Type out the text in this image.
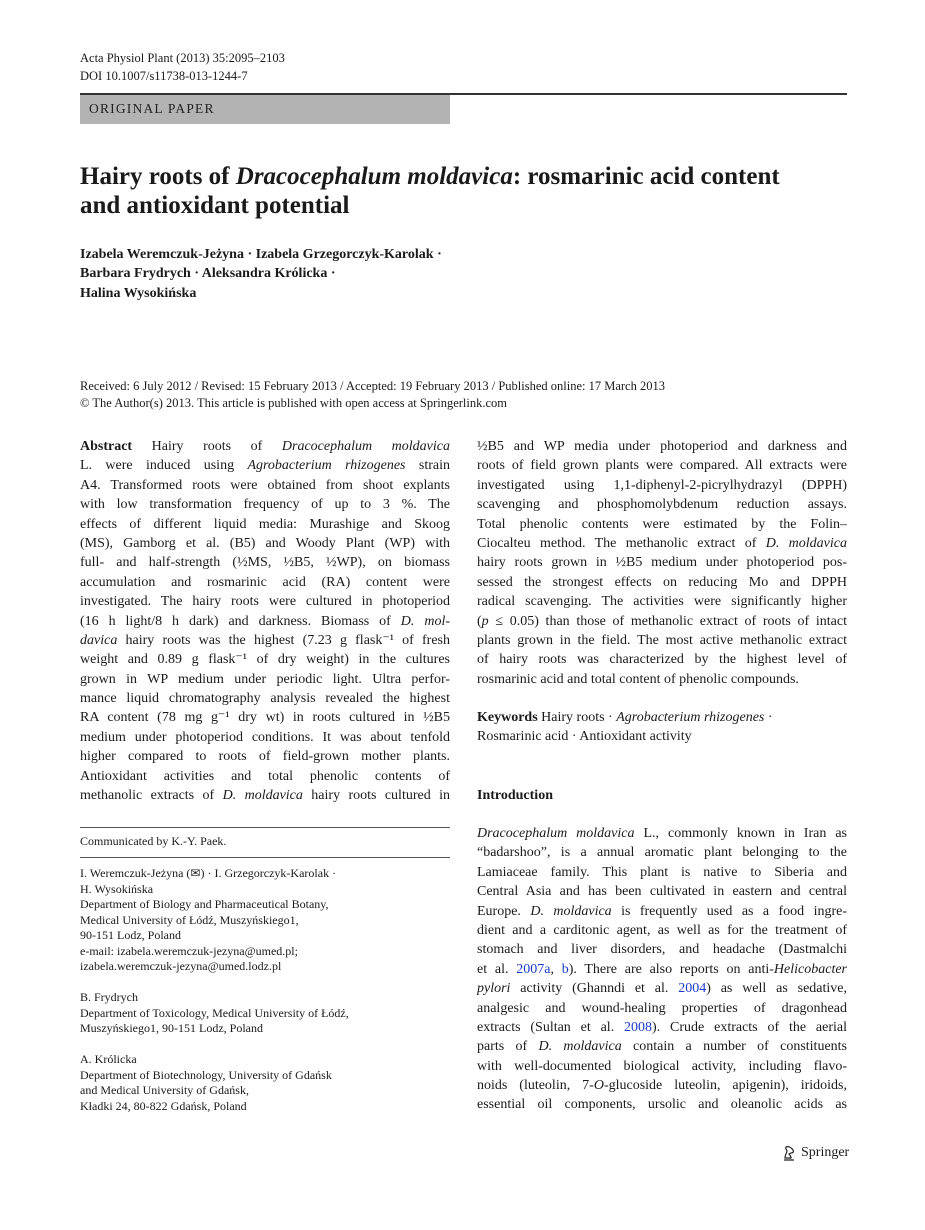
Acta Physiol Plant (2013) 35:2095–2103
DOI 10.1007/s11738-013-1244-7
ORIGINAL PAPER
Hairy roots of Dracocephalum moldavica: rosmarinic acid content
and antioxidant potential
Izabela Weremczuk-Jeżyna · Izabela Grzegorczyk-Karolak ·
Barbara Frydrych · Aleksandra Królicka ·
Halina Wysokińska
Received: 6 July 2012 / Revised: 15 February 2013 / Accepted: 19 February 2013 / Published online: 17 March 2013
© The Author(s) 2013. This article is published with open access at Springerlink.com
Abstract Hairy roots of Dracocephalum moldavica
L. were induced using Agrobacterium rhizogenes strain
A4. Transformed roots were obtained from shoot explants
with low transformation frequency of up to 3 %. The
effects of different liquid media: Murashige and Skoog
(MS), Gamborg et al. (B5) and Woody Plant (WP) with
full- and half-strength (½MS, ½B5, ½WP), on biomass
accumulation and rosmarinic acid (RA) content were
investigated. The hairy roots were cultured in photoperiod
(16 h light/8 h dark) and darkness. Biomass of D. mol-
davica hairy roots was the highest (7.23 g flask⁻¹ of fresh
weight and 0.89 g flask⁻¹ of dry weight) in the cultures
grown in WP medium under periodic light. Ultra perfor-
mance liquid chromatography analysis revealed the highest
RA content (78 mg g⁻¹ dry wt) in roots cultured in ½B5
medium under photoperiod conditions. It was about tenfold
higher compared to roots of field-grown mother plants.
Antioxidant activities and total phenolic contents of
methanolic extracts of D. moldavica hairy roots cultured in
½B5 and WP media under photoperiod and darkness and
roots of field grown plants were compared. All extracts were
investigated using 1,1-diphenyl-2-picrylhydrazyl (DPPH)
scavenging and phosphomolybdenum reduction assays.
Total phenolic contents were estimated by the Folin–
Ciocalteu method. The methanolic extract of D. moldavica
hairy roots grown in ½B5 medium under photoperiod pos-
sessed the strongest effects on reducing Mo and DPPH
radical scavenging. The activities were significantly higher
(p ≤ 0.05) than those of methanolic extract of roots of intact
plants grown in the field. The most active methanolic extract
of hairy roots was characterized by the highest level of
rosmarinic acid and total content of phenolic compounds.
Keywords Hairy roots · Agrobacterium rhizogenes ·
Rosmarinic acid · Antioxidant activity
Introduction
Dracocephalum moldavica L., commonly known in Iran as
“badarshoo”, is a annual aromatic plant belonging to the
Lamiaceae family. This plant is native to Siberia and
Central Asia and has been cultivated in eastern and central
Europe. D. moldavica is frequently used as a food ingre-
dient and a carditonic agent, as well as for the treatment of
stomach and liver disorders, and headache (Dastmalchi
et al. 2007a, b). There are also reports on anti-Helicobacter
pylori activity (Ghanndi et al. 2004) as well as sedative,
analgesic and wound-healing properties of dragonhead
extracts (Sultan et al. 2008). Crude extracts of the aerial
parts of D. moldavica contain a number of constituents
with well-documented biological activity, including flavo-
noids (luteolin, 7-O-glucoside luteolin, apigenin), iridoids,
essential oil components, ursolic and oleanolic acids as
Communicated by K.-Y. Paek.
I. Weremczuk-Jeżyna (✉) · I. Grzegorczyk-Karolak ·
H. Wysokińska
Department of Biology and Pharmaceutical Botany,
Medical University of Łódź, Muszyńskiego1,
90-151 Lodz, Poland
e-mail: izabela.weremczuk-jezyna@umed.pl;
izabela.weremczuk-jezyna@umed.lodz.pl
B. Frydrych
Department of Toxicology, Medical University of Łódź,
Muszyńskiego1, 90-151 Lodz, Poland
A. Królicka
Department of Biotechnology, University of Gdańsk
and Medical University of Gdańsk,
Kładki 24, 80-822 Gdańsk, Poland
Springer
